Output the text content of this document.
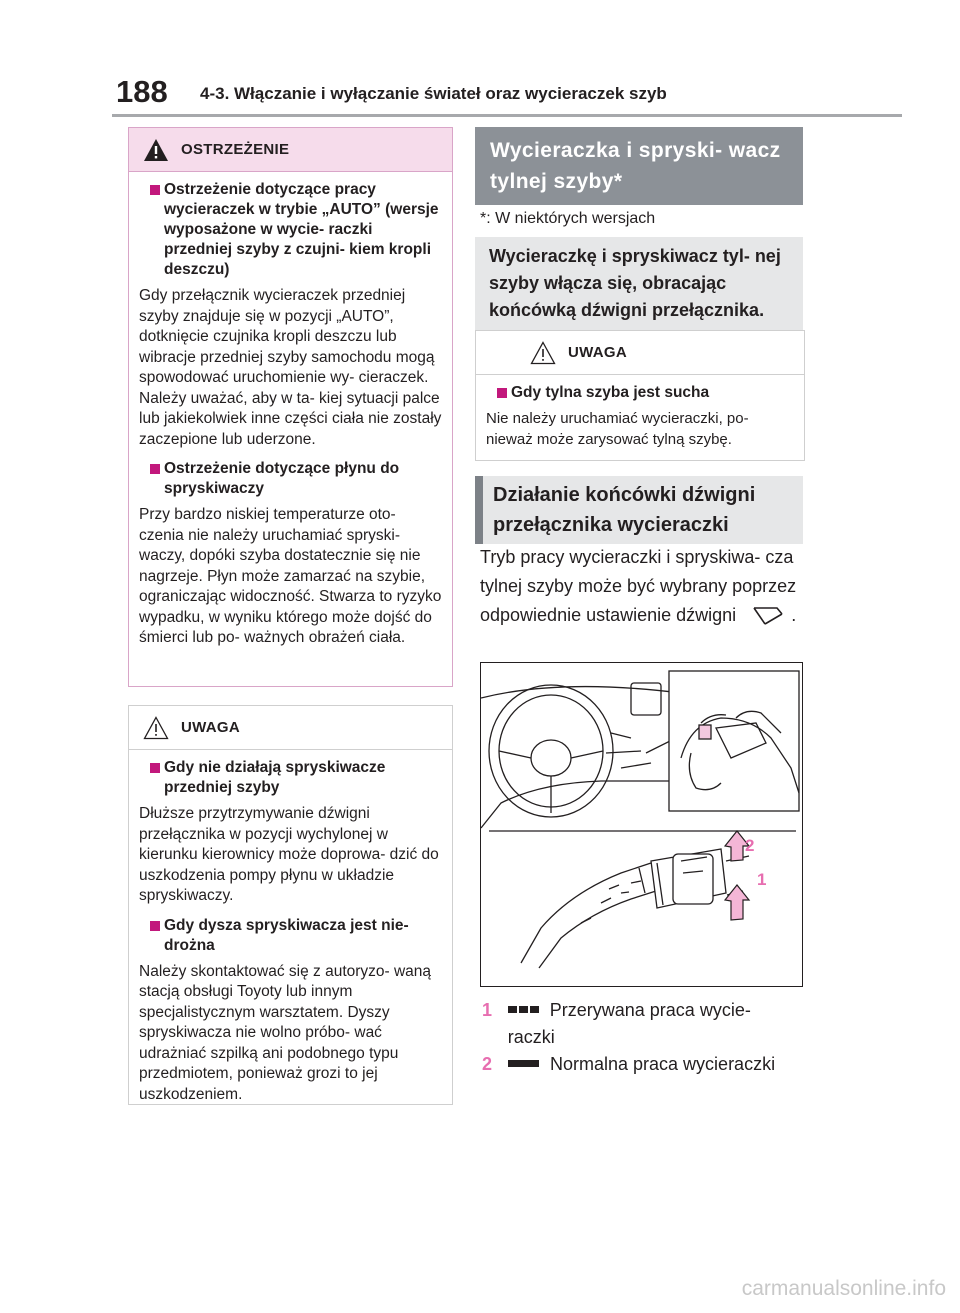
188 4-3. Włączanie i wyłączanie świateł oraz wycieraczek szyb
OSTRZEŻENIE
Ostrzeżenie dotyczące pracy wycieraczek w trybie „AUTO” (wersje wyposażone w wycie- raczki przedniej szyby z czujni- kiem kropli deszczu)
Gdy przełącznik wycieraczek przedniej szyby znajduje się w pozycji „AUTO”, dotknięcie czujnika kropli deszczu lub wibracje przedniej szyby samochodu mogą spowodować uruchomienie wy- cieraczek. Należy uważać, aby w ta- kiej sytuacji palce lub jakiekolwiek inne części ciała nie zostały zaczepione lub uderzone.
Ostrzeżenie dotyczące płynu do spryskiwaczy
Przy bardzo niskiej temperaturze oto- czenia nie należy uruchamiać spryski- waczy, dopóki szyba dostatecznie się nie nagrzeje. Płyn może zamarzać na szybie, ograniczając widoczność. Stwarza to ryzyko wypadku, w wyniku którego może dojść do śmierci lub po- ważnych obrażeń ciała.
UWAGA
Gdy nie działają spryskiwacze przedniej szyby
Dłuższe przytrzymywanie dźwigni przełącznika w pozycji wychylonej w kierunku kierownicy może doprowa- dzić do uszkodzenia pompy płynu w układzie spryskiwaczy.
Gdy dysza spryskiwacza jest nie- drożna
Należy skontaktować się z autoryzo- waną stacją obsługi Toyoty lub innym specjalistycznym warsztatem. Dyszy spryskiwacza nie wolno próbo- wać udrażniać szpilką ani podobnego typu przedmiotem, ponieważ grozi to jej uszkodzeniem.
Wycieraczka i spryski- wacz tylnej szyby*
*: W niektórych wersjach
Wycieraczkę i spryskiwacz tyl- nej szyby włącza się, obracając końcówką dźwigni przełącznika.
UWAGA
Gdy tylna szyba jest sucha
Nie należy uruchamiać wycieraczki, po- nieważ może zarysować tylną szybę.
Działanie końcówki dźwigni przełącznika wycieraczki
Tryb pracy wycieraczki i spryskiwa- cza tylnej szyby może być wybrany poprzez odpowiednie ustawienie dźwigni	.
2
1
1	Przerywana praca wycie- raczki
2	Normalna praca wycieraczki
carmanualsonline.info
